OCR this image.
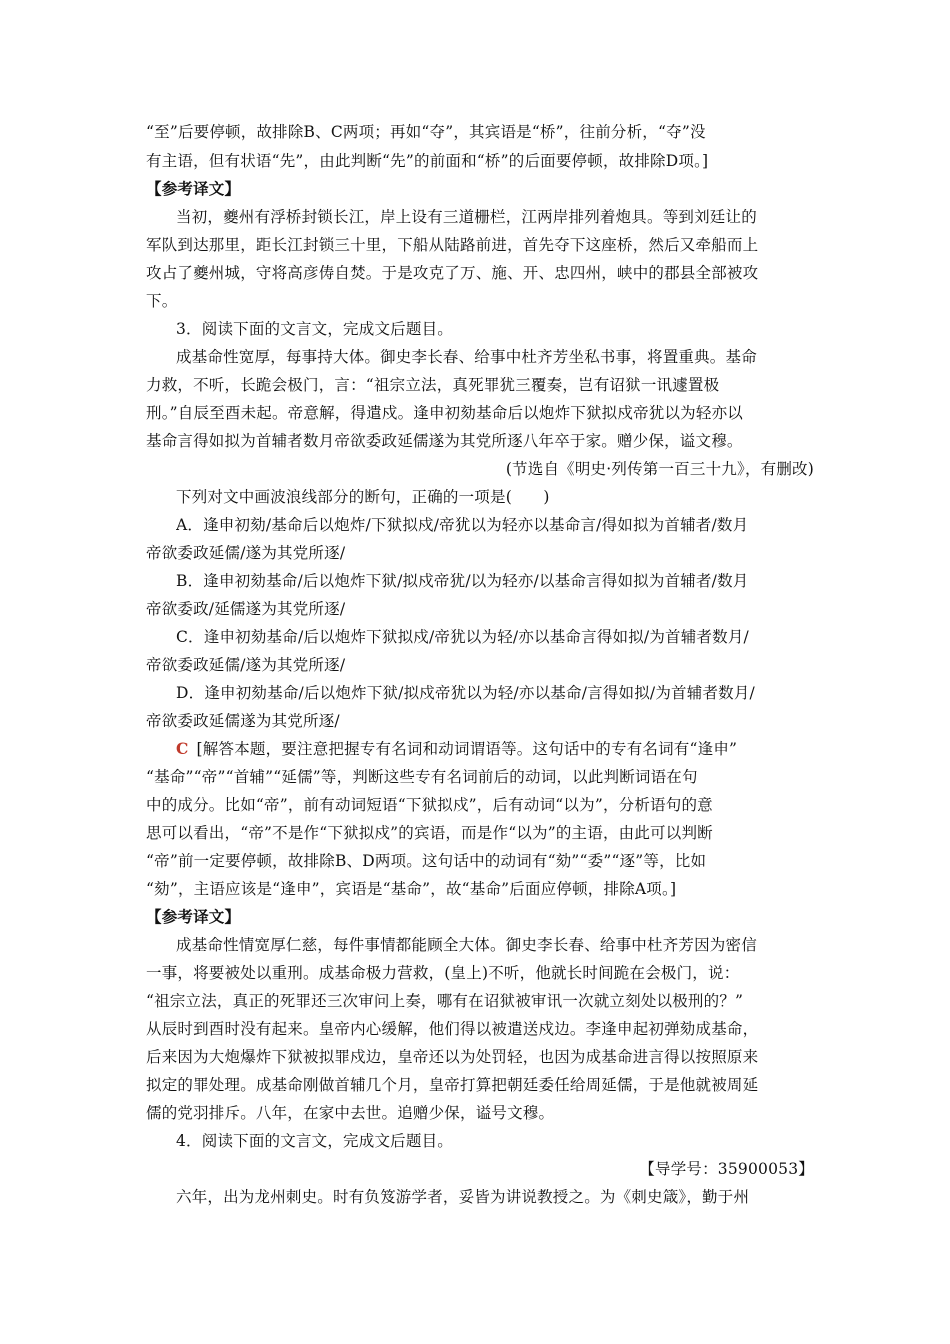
“至”后要停顿，故排除B、C两项；再如“夺”，其宾语是“桥”，往前分析，“夺”没
有主语，但有状语“先”，由此判断“先”的前面和“桥”的后面要停顿，故排除D项。]
【参考译文】
当初，夔州有浮桥封锁长江，岸上设有三道栅栏，江两岸排列着炮具。等到刘廷让的
军队到达那里，距长江封锁三十里，下船从陆路前进，首先夺下这座桥，然后又牵船而上
攻占了夔州城，守将高彦俦自焚。于是攻克了万、施、开、忠四州，峡中的郡县全部被攻
下。
3．阅读下面的文言文，完成文后题目。
成基命性宽厚，每事持大体。御史李长春、给事中杜齐芳坐私书事，将置重典。基命
力救，不听，长跪会极门，言：“祖宗立法，真死罪犹三覆奏，岂有诏狱一讯遽置极
刑。”自辰至酉未起。帝意解，得遣戍。逢申初劾基命后以炮炸下狱拟戍帝犹以为轻亦以
基命言得如拟为首辅者数月帝欲委政延儒遂为其党所逐八年卒于家。赠少保，谥文穆。
(节选自《明史·列传第一百三十九》，有删改)
下列对文中画波浪线部分的断句，正确的一项是(　　)
A．逢申初劾/基命后以炮炸/下狱拟戍/帝犹以为轻亦以基命言/得如拟为首辅者/数月
帝欲委政延儒/遂为其党所逐/
B．逢申初劾基命/后以炮炸下狱/拟戍帝犹/以为轻亦/以基命言得如拟为首辅者/数月
帝欲委政/延儒遂为其党所逐/
C．逢申初劾基命/后以炮炸下狱拟戍/帝犹以为轻/亦以基命言得如拟/为首辅者数月/
帝欲委政延儒/遂为其党所逐/
D．逢申初劾基命/后以炮炸下狱/拟戍帝犹以为轻/亦以基命/言得如拟/为首辅者数月/
帝欲委政延儒遂为其党所逐/
C [解答本题，要注意把握专有名词和动词谓语等。这句话中的专有名词有“逢申”
“基命”“帝”“首辅”“延儒”等，判断这些专有名词前后的动词，以此判断词语在句
中的成分。比如“帝”，前有动词短语“下狱拟戍”，后有动词“以为”，分析语句的意
思可以看出，“帝”不是作“下狱拟戍”的宾语，而是作“以为”的主语，由此可以判断
“帝”前一定要停顿，故排除B、D两项。这句话中的动词有“劾”“委”“逐”等，比如
“劾”，主语应该是“逢申”，宾语是“基命”，故“基命”后面应停顿，排除A项。]
【参考译文】
成基命性情宽厚仁慈，每件事情都能顾全大体。御史李长春、给事中杜齐芳因为密信
一事，将要被处以重刑。成基命极力营救，(皇上)不听，他就长时间跪在会极门，说：
“祖宗立法，真正的死罪还三次审问上奏，哪有在诏狱被审讯一次就立刻处以极刑的？”
从辰时到酉时没有起来。皇帝内心缓解，他们得以被遣送戍边。李逢申起初弹劾成基命，
后来因为大炮爆炸下狱被拟罪戍边，皇帝还以为处罚轻，也因为成基命进言得以按照原来
拟定的罪处理。成基命刚做首辅几个月，皇帝打算把朝廷委任给周延儒，于是他就被周延
儒的党羽排斥。八年，在家中去世。追赠少保，谥号文穆。
4．阅读下面的文言文，完成文后题目。
【导学号：35900053】
六年，出为龙州刺史。时有负笈游学者，妥皆为讲说教授之。为《刺史箴》，勤于州
